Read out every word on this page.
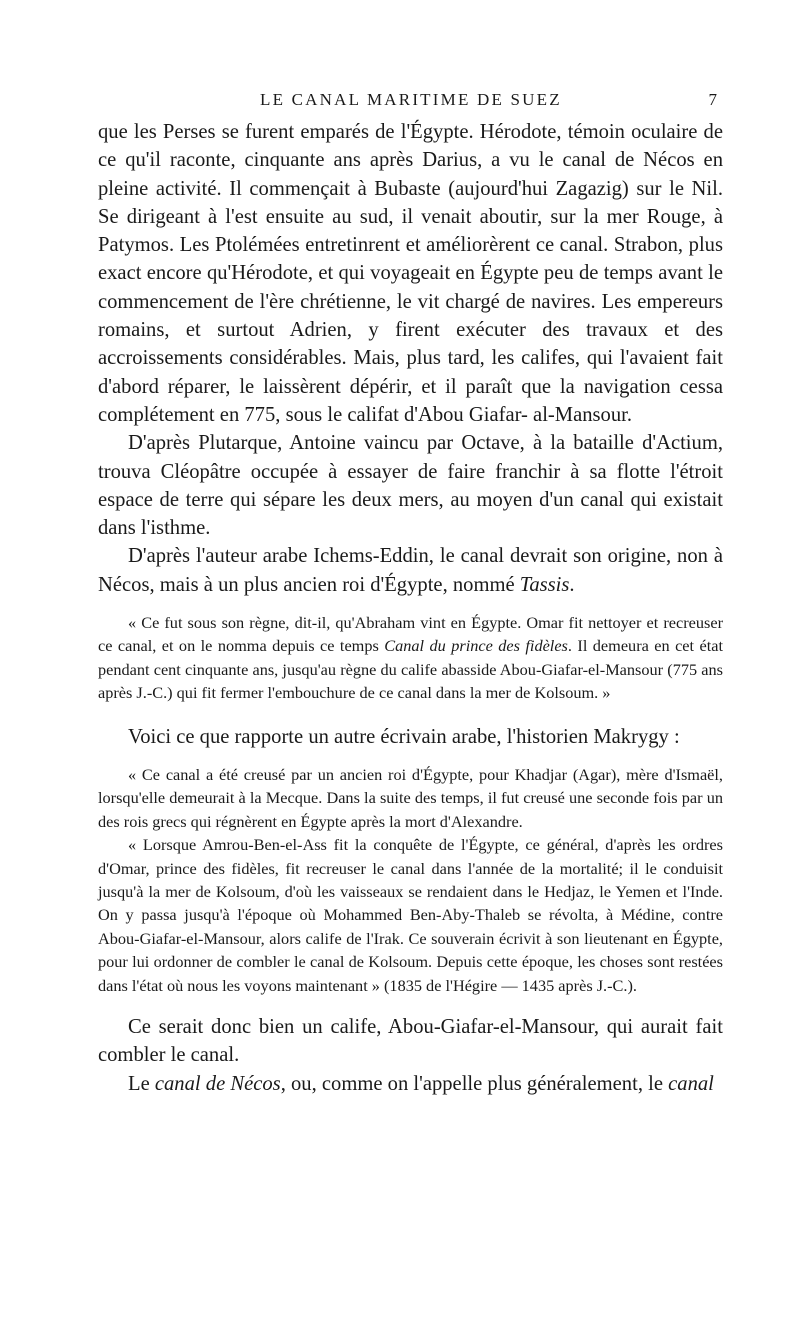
LE CANAL MARITIME DE SUEZ	7

que les Perses se furent emparés de l'Égypte. Hérodote, témoin oculaire de ce qu'il raconte, cinquante ans après Darius, a vu le canal de Nécos en pleine activité. Il commençait à Bubaste (aujourd'hui Zagazig) sur le Nil. Se dirigeant à l'est ensuite au sud, il venait aboutir, sur la mer Rouge, à Patymos. Les Ptolémées entretinrent et améliorèrent ce canal. Strabon, plus exact encore qu'Hérodote, et qui voyageait en Égypte peu de temps avant le commencement de l'ère chrétienne, le vit chargé de navires. Les empereurs romains, et surtout Adrien, y firent exécuter des travaux et des accroissements considérables. Mais, plus tard, les califes, qui l'avaient fait d'abord réparer, le laissèrent dépérir, et il paraît que la navigation cessa complétement en 775, sous le califat d'Abou Giafar- al-Mansour.

D'après Plutarque, Antoine vaincu par Octave, à la bataille d'Actium, trouva Cléopâtre occupée à essayer de faire franchir à sa flotte l'étroit espace de terre qui sépare les deux mers, au moyen d'un canal qui existait dans l'isthme.

D'après l'auteur arabe Ichems-Eddin, le canal devrait son origine, non à Nécos, mais à un plus ancien roi d'Égypte, nommé Tassis.

« Ce fut sous son règne, dit-il, qu'Abraham vint en Égypte. Omar fit nettoyer et recreuser ce canal, et on le nomma depuis ce temps Canal du prince des fidèles. Il demeura en cet état pendant cent cinquante ans, jusqu'au règne du calife abasside Abou-Giafar-el-Mansour (775 ans après J.-C.) qui fit fermer l'embouchure de ce canal dans la mer de Kolsoum. »

Voici ce que rapporte un autre écrivain arabe, l'historien Makrygy :

« Ce canal a été creusé par un ancien roi d'Égypte, pour Khadjar (Agar), mère d'Ismaël, lorsqu'elle demeurait à la Mecque. Dans la suite des temps, il fut creusé une seconde fois par un des rois grecs qui régnèrent en Égypte après la mort d'Alexandre.

« Lorsque Amrou-Ben-el-Ass fit la conquête de l'Égypte, ce général, d'après les ordres d'Omar, prince des fidèles, fit recreuser le canal dans l'année de la mortalité; il le conduisit jusqu'à la mer de Kolsoum, d'où les vaisseaux se rendaient dans le Hedjaz, le Yemen et l'Inde. On y passa jusqu'à l'époque où Mohammed Ben-Aby-Thaleb se révolta, à Médine, contre Abou-Giafar-el-Mansour, alors calife de l'Irak. Ce souverain écrivit à son lieutenant en Égypte, pour lui ordonner de combler le canal de Kolsoum. Depuis cette époque, les choses sont restées dans l'état où nous les voyons maintenant » (1835 de l'Hégire — 1435 après J.-C.).

Ce serait donc bien un calife, Abou-Giafar-el-Mansour, qui aurait fait combler le canal.

Le canal de Nécos, ou, comme on l'appelle plus généralement, le canal
